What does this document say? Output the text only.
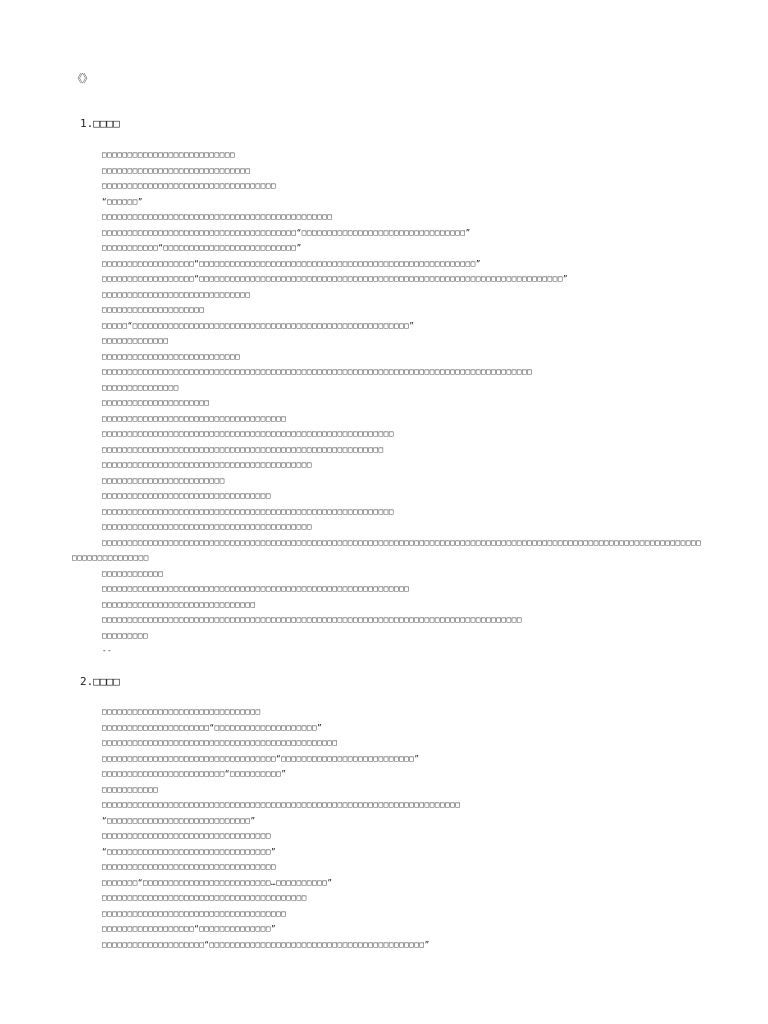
《》
1.□□□□
□□□□□□□□□□□□□□□□□□□□□□□□□□
□□□□□□□□□□□□□□□□□□□□□□□□□□□□□
□□□□□□□□□□□□□□□□□□□□□□□□□□□□□□□□□□
“□□□□□□”
□□□□□□□□□□□□□□□□□□□□□□□□□□□□□□□□□□□□□□□□□□□□□
□□□□□□□□□□□□□□□□□□□□□□□□□□□□□□□□□□□□□□“□□□□□□□□□□□□□□□□□□□□□□□□□□□□□□□□”
□□□□□□□□□□□“□□□□□□□□□□□□□□□□□□□□□□□□□□”
□□□□□□□□□□□□□□□□□□“□□□□□□□□□□□□□□□□□□□□□□□□□□□□□□□□□□□□□□□□□□□□□□□□□□□□□□”
□□□□□□□□□□□□□□□□□□“□□□□□□□□□□□□□□□□□□□□□□□□□□□□□□□□□□□□□□□□□□□□□□□□□□□□□□□□□□□□□□□□□□□□□□□”
□□□□□□□□□□□□□□□□□□□□□□□□□□□□□
□□□□□□□□□□□□□□□□□□□□
□□□□□“□□□□□□□□□□□□□□□□□□□□□□□□□□□□□□□□□□□□□□□□□□□□□□□□□□□□□□”
□□□□□□□□□□□□□
□□□□□□□□□□□□□□□□□□□□□□□□□□□
□□□□□□□□□□□□□□□□□□□□□□□□□□□□□□□□□□□□□□□□□□□□□□□□□□□□□□□□□□□□□□□□□□□□□□□□□□□□□□□□□□□□
□□□□□□□□□□□□□□□
□□□□□□□□□□□□□□□□□□□□□
□□□□□□□□□□□□□□□□□□□□□□□□□□□□□□□□□□□□
□□□□□□□□□□□□□□□□□□□□□□□□□□□□□□□□□□□□□□□□□□□□□□□□□□□□□□□□□
□□□□□□□□□□□□□□□□□□□□□□□□□□□□□□□□□□□□□□□□□□□□□□□□□□□□□□□
□□□□□□□□□□□□□□□□□□□□□□□□□□□□□□□□□□□□□□□□□
□□□□□□□□□□□□□□□□□□□□□□□□
□□□□□□□□□□□□□□□□□□□□□□□□□□□□□□□□□
□□□□□□□□□□□□□□□□□□□□□□□□□□□□□□□□□□□□□□□□□□□□□□□□□□□□□□□□□
□□□□□□□□□□□□□□□□□□□□□□□□□□□□□□□□□□□□□□□□□
□□□□□□□□□□□□□□□□□□□□□□□□□□□□□□□□□□□□□□□□□□□□□□□□□□□□□□□□□□□□□□□□□□□□□□□□□□□□□□□□□□□□□□□□□□□□□□□□□□□□□□□□□□□□□□□□□□□□□□□□□□□□□□□□□□□□
□□□□□□□□□□□□
□□□□□□□□□□□□□□□□□□□□□□□□□□□□□□□□□□□□□□□□□□□□□□□□□□□□□□□□□□□□
□□□□□□□□□□□□□□□□□□□□□□□□□□□□□□
□□□□□□□□□□□□□□□□□□□□□□□□□□□□□□□□□□□□□□□□□□□□□□□□□□□□□□□□□□□□□□□□□□□□□□□□□□□□□□□□□□
□□□□□□□□□
--
2.□□□□
□□□□□□□□□□□□□□□□□□□□□□□□□□□□□□□
□□□□□□□□□□□□□□□□□□□□□“□□□□□□□□□□□□□□□□□□□□”
□□□□□□□□□□□□□□□□□□□□□□□□□□□□□□□□□□□□□□□□□□□□□□
□□□□□□□□□□□□□□□□□□□□□□□□□□□□□□□□□□“□□□□□□□□□□□□□□□□□□□□□□□□□□”
□□□□□□□□□□□□□□□□□□□□□□□□“□□□□□□□□□□”
□□□□□□□□□□□
□□□□□□□□□□□□□□□□□□□□□□□□□□□□□□□□□□□□□□□□□□□□□□□□□□□□□□□□□□□□□□□□□□□□□□
“□□□□□□□□□□□□□□□□□□□□□□□□□□□□”
□□□□□□□□□□□□□□□□□□□□□□□□□□□□□□□□□
“□□□□□□□□□□□□□□□□□□□□□□□□□□□□□□□□”
□□□□□□□□□□□□□□□□□□□□□□□□□□□□□□□□□□
□□□□□□□“□□□□□□□□□□□□□□□□□□□□□□□□□…□□□□□□□□□□”
□□□□□□□□□□□□□□□□□□□□□□□□□□□□□□□□□□□□□□□□
□□□□□□□□□□□□□□□□□□□□□□□□□□□□□□□□□□□□
□□□□□□□□□□□□□□□□□□“□□□□□□□□□□□□□□”
□□□□□□□□□□□□□□□□□□□□“□□□□□□□□□□□□□□□□□□□□□□□□□□□□□□□□□□□□□□□□□□”
